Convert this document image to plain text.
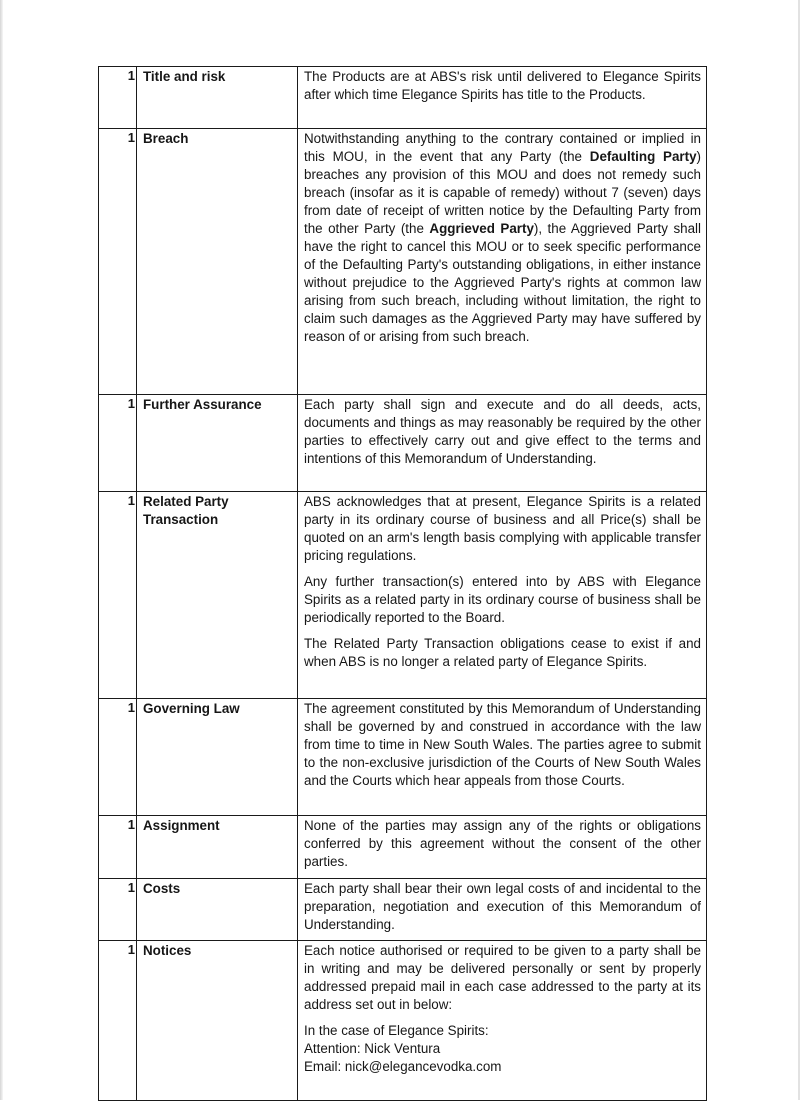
1	Title and risk	The Products are at ABS's risk until delivered to Elegance Spirits after which time Elegance Spirits has title to the Products.

1	Breach	Notwithstanding anything to the contrary contained or implied in this MOU, in the event that any Party (the Defaulting Party) breaches any provision of this MOU and does not remedy such breach (insofar as it is capable of remedy) without 7 (seven) days from date of receipt of written notice by the Defaulting Party from the other Party (the Aggrieved Party), the Aggrieved Party shall have the right to cancel this MOU or to seek specific performance of the Defaulting Party's outstanding obligations, in either instance without prejudice to the Aggrieved Party's rights at common law arising from such breach, including without limitation, the right to claim such damages as the Aggrieved Party may have suffered by reason of or arising from such breach.

1	Further Assurance	Each party shall sign and execute and do all deeds, acts, documents and things as may reasonably be required by the other parties to effectively carry out and give effect to the terms and intentions of this Memorandum of Understanding.

1	Related Party Transaction	ABS acknowledges that at present, Elegance Spirits is a related party in its ordinary course of business and all Price(s) shall be quoted on an arm's length basis complying with applicable transfer pricing regulations.

Any further transaction(s) entered into by ABS with Elegance Spirits as a related party in its ordinary course of business shall be periodically reported to the Board.

The Related Party Transaction obligations cease to exist if and when ABS is no longer a related party of Elegance Spirits.

1	Governing Law	The agreement constituted by this Memorandum of Understanding shall be governed by and construed in accordance with the law from time to time in New South Wales. The parties agree to submit to the non-exclusive jurisdiction of the Courts of New South Wales and the Courts which hear appeals from those Courts.

1	Assignment	None of the parties may assign any of the rights or obligations conferred by this agreement without the consent of the other parties.

1	Costs	Each party shall bear their own legal costs of and incidental to the preparation, negotiation and execution of this Memorandum of Understanding.

1	Notices	Each notice authorised or required to be given to a party shall be in writing and may be delivered personally or sent by properly addressed prepaid mail in each case addressed to the party at its address set out in below:

In the case of Elegance Spirits:
Attention: Nick Ventura
Email: nick@elegancevodka.com
